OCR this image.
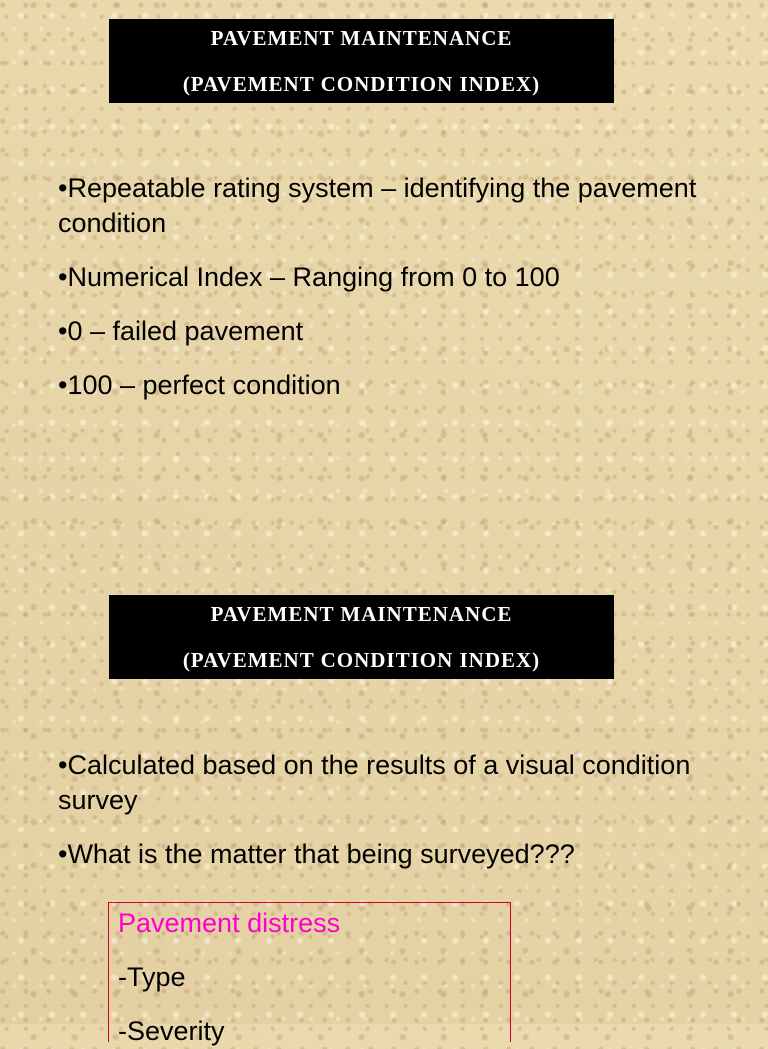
PAVEMENT MAINTENANCE
(PAVEMENT CONDITION INDEX)
•Repeatable rating system – identifying the pavement condition
•Numerical Index – Ranging from 0 to 100
•0 – failed pavement
•100 – perfect condition
PAVEMENT MAINTENANCE
(PAVEMENT CONDITION INDEX)
•Calculated based on the results of a visual condition survey
•What is the matter that being surveyed???
Pavement distress
-Type
-Severity
